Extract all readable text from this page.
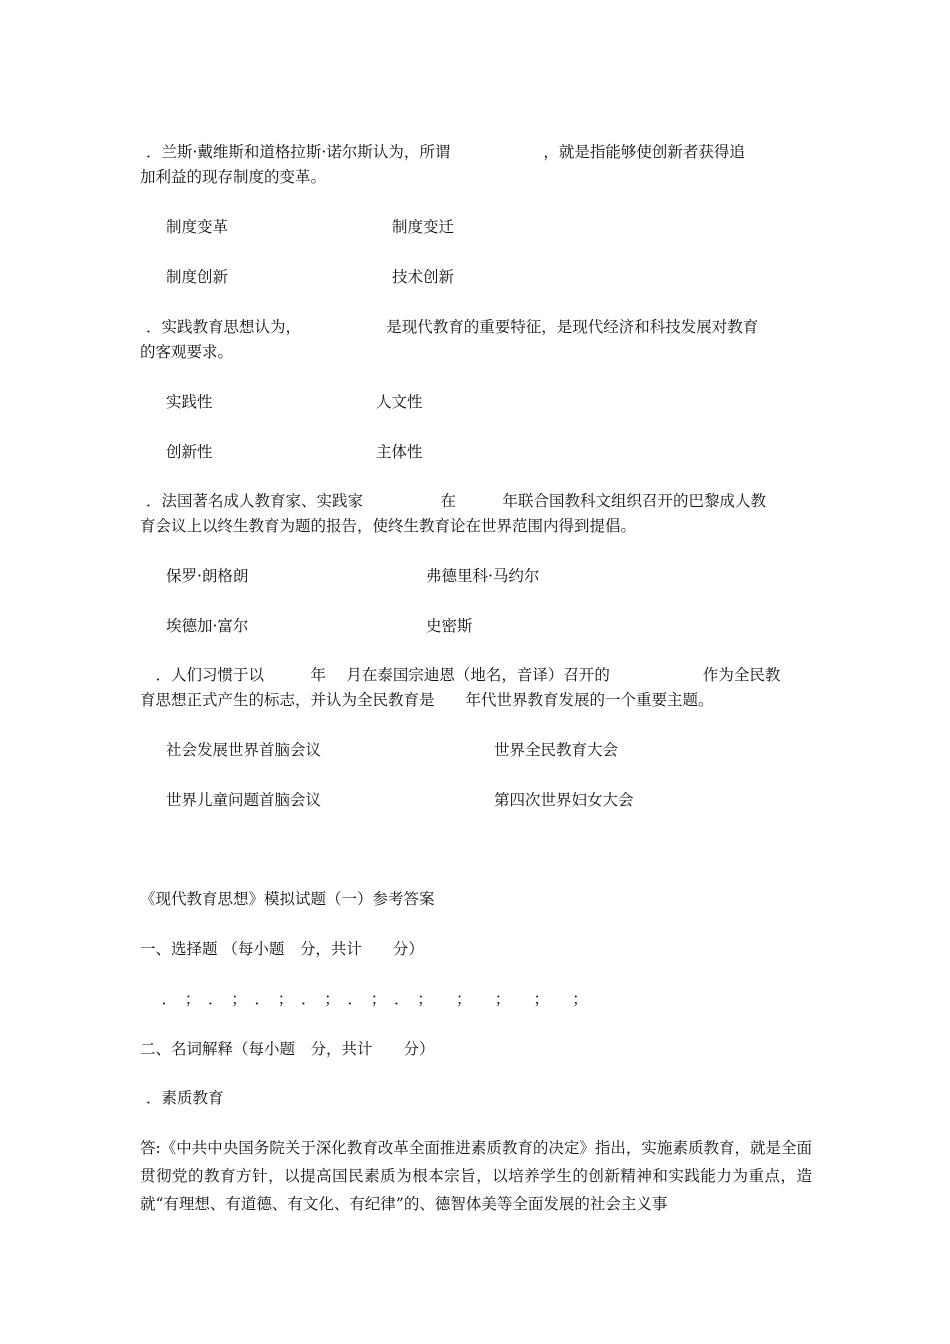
．兰斯·戴维斯和道格拉斯·诺尔斯认为，所谓　　　　　　，就是指能够使创新者获得追
加利益的现存制度的变革。
制度变革	制度变迁
制度创新	技术创新
．实践教育思想认为，　　　　　　是现代教育的重要特征，是现代经济和科技发展对教育
的客观要求。
实践性	人文性
创新性	主体性
．法国著名成人教育家、实践家　　　　　在　　　年联合国教科文组织召开的巴黎成人教
育会议上以终生教育为题的报告，使终生教育论在世界范围内得到提倡。
保罗·朗格朗	弗德里科·马约尔
埃德加·富尔	史密斯
　．人们习惯于以　　　年　 月在泰国宗迪恩（地名，音译）召开的　　　　　　作为全民教
育思想正式产生的标志，并认为全民教育是　　年代世界教育发展的一个重要主题。
社会发展世界首脑会议	世界全民教育大会
世界儿童问题首脑会议	第四次世界妇女大会
《现代教育思想》模拟试题（一）参考答案
一、选择题 （每小题　分，共计　　分）
　．　；　．　；　．　；　．　；　．　；　．　；　　；　　；　　；　　；
二、名词解释（每小题　分，共计　　分）
．素质教育
答:《中共中央国务院关于深化教育改革全面推进素质教育的决定》指出，实施素质教育，就是全面贯彻党的教育方针，以提高国民素质为根本宗旨，以培养学生的创新精神和实践能力为重点，造就“有理想、有道德、有文化、有纪律”的、德智体美等全面发展的社会主义事
